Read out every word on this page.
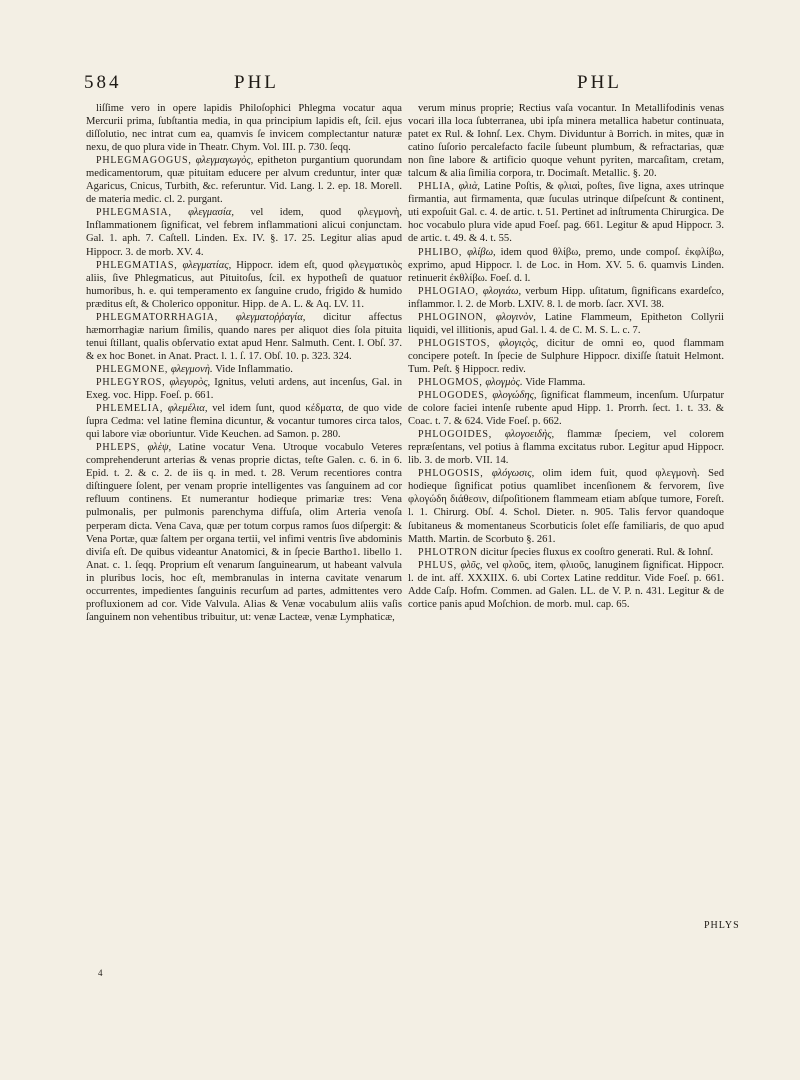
584	PHL	PHL

liſſime vero in opere lapidis Philoſophici Phlegma vocatur aqua Mercurii prima, ſubſtantia media, in qua principium lapidis eſt, ſcil. ejus diſſolutio, nec intrat cum ea, quamvis ſe invicem complectantur naturæ nexu, de quo plura vide in Theatr. Chym. Vol. III. p. 730. ſeqq.

PHLEGMAGOGUS, φλεγμαγωγὸς, epitheton purgantium quorundam medicamentorum, quæ pituitam educere per alvum creduntur, inter quæ Agaricus, Cnicus, Turbith, &c. referuntur. Vid. Lang. l. 2. ep. 18. Morell. de materia medic. cl. 2. purgant.

PHLEGMASIA, φλεγμασία, vel idem, quod φλεγμονὴ, Inflammationem ſignificat, vel febrem inflammationi alicui conjunctam. Gal. 1. aph. 7. Caſtell. Linden. Ex. IV. §. 17. 25. Legitur alias apud Hippocr. 3. de morb. XV. 4.

PHLEGMATIAS, φλεγματίας, Hippocr. idem eſt, quod φλεγματικὸς aliis, ſive Phlegmaticus, aut Pituitoſus, ſcil. ex hypotheſi de quatuor humoribus, h. e. qui temperamento ex ſanguine crudo, frigido & humido præditus eſt, & Cholerico opponitur. Hipp. de A. L. & Aq. LV. 11.

PHLEGMATORRHAGIA, φλεγματοῤῥαγία, dicitur affectus hæmorrhagiæ narium ſimilis, quando nares per aliquot dies ſola pituita tenui ſtillant, qualis obſervatio extat apud Henr. Salmuth. Cent. I. Obſ. 37. & ex hoc Bonet. in Anat. Pract. l. 1. ſ. 17. Obſ. 10. p. 323. 324.

PHLEGMONE, φλεγμονὴ. Vide Inflammatio.

PHLEGYROS, φλεγυρὸς, Ignitus, veluti ardens, aut incenſus, Gal. in Exeg. voc. Hipp. Foeſ. p. 661.

PHLEMELIA, φλεμέλια, vel idem ſunt, quod κέδματα, de quo vide ſupra Cedma: vel latine flemina dicuntur, & vocantur tumores circa talos, qui labore viæ oboriuntur. Vide Keuchen. ad Samon. p. 280.

PHLEPS, φλὲψ, Latine vocatur Vena. Utroque vocabulo Veteres comprehenderunt arterias & venas proprie dictas, teſte Galen. c. 6. in 6. Epid. t. 2. & c. 2. de iis q. in med. t. 28. Verum recentiores contra diſtinguere ſolent, per venam proprie intelligentes vas ſanguinem ad cor refluum continens. Et numerantur hodieque primariæ tres: Vena pulmonalis, per pulmonis parenchyma diffuſa, olim Arteria venoſa perperam dicta. Vena Cava, quæ per totum corpus ramos ſuos diſpergit: & Vena Portæ, quæ ſaltem per organa tertii, vel infimi ventris ſive abdominis diviſa eſt. De quibus videantur Anatomici, & in ſpecie Bartho1. libello 1. Anat. c. 1. ſeqq. Proprium eſt venarum ſanguinearum, ut habeant valvula in pluribus locis, hoc eſt, membranulas in interna cavitate venarum occurrentes, impedientes ſanguinis recurſum ad partes, admittentes vero profluxionem ad cor. Vide Valvula. Alias & Venæ vocabulum aliis vaſis ſanguinem non vehentibus tribuitur, ut: venæ Lacteæ, venæ Lymphaticæ,

verum minus proprie; Rectius vaſa vocantur. In Metallifodinis venas vocari illa loca ſubterranea, ubi ipſa minera metallica habetur continuata, patet ex Rul. & Iohnſ. Lex. Chym. Dividuntur à Borrich. in mites, quæ in catino ſuſorio percalefacto facile ſubeunt plumbum, & refractarias, quæ non ſine labore & artificio quoque vehunt pyriten, marcaſitam, cretam, talcum & alia ſimilia corpora, tr. Docimaſt. Metallic. §. 20.

PHLIA, φλιὰ, Latine Poſtis, & φλιαὶ, poſtes, ſive ligna, axes utrinque firmantia, aut firmamenta, quæ ſuculas utrinque diſpeſcunt & continent, uti expoſuit Gal. c. 4. de artic. t. 51. Pertinet ad inſtrumenta Chirurgica. De hoc vocabulo plura vide apud Foeſ. pag. 661. Legitur & apud Hippocr. 3. de artic. t. 49. & 4. t. 55.

PHLIBO, φλίβω, idem quod θλίβω, premo, unde compoſ. ἐκφλίβω, exprimo, apud Hippocr. l. de Loc. in Hom. XV. 5. 6. quamvis Linden. retinuerit ἐκθλίβω. Foeſ. d. l.

PHLOGIAO, φλογιάω, verbum Hipp. uſitatum, ſignificans exardeſco, inflammor. l. 2. de Morb. LXIV. 8. l. de morb. ſacr. XVI. 38.

PHLOGINON, φλογινὸν, Latine Flammeum, Epitheton Collyrii liquidi, vel illitionis, apud Gal. l. 4. de C. M. S. L. c. 7.

PHLOGISTOS, φλογιςὸς, dicitur de omni eo, quod flammam concipere poteſt. In ſpecie de Sulphure Hippocr. dixiſſe ſtatuit Helmont. Tum. Peſt. § Hippocr. rediv.

PHLOGMOS, φλογμὸς. Vide Flamma.

PHLOGODES, φλογώδης, ſignificat flammeum, incenſum. Uſurpatur de colore faciei intenſe rubente apud Hipp. 1. Prorrh. ſect. 1. t. 33. & Coac. t. 7. & 624. Vide Foeſ. p. 662.

PHLOGOIDES, φλογοειδὴς, flammæ ſpeciem, vel colorem repræſentans, vel potius à flamma excitatus rubor. Legitur apud Hippocr. lib. 3. de morb. VII. 14.

PHLOGOSIS, φλόγωσις, olim idem fuit, quod φλεγμονὴ. Sed hodieque ſignificat potius quamlibet incenſionem & fervorem, ſive φλογώδη διάθεσιν, diſpoſitionem flammeam etiam abſque tumore, Foreſt. l. 1. Chirurg. Obſ. 4. Schol. Dieter. n. 905. Talis fervor quandoque ſubitaneus & momentaneus Scorbuticis ſolet eſſe familiaris, de quo apud Matth. Martin. de Scorbuto §. 261.

PHLOTRON dicitur ſpecies fluxus ex cooſtro generati. Rul. & Iohnſ.

PHLUS, φλῦς, vel φλοῦς, item, φλιοῦς, lanuginem ſignificat. Hippocr. l. de int. aff. XXXIIX. 6. ubi Cortex Latine redditur. Vide Foeſ. p. 661. Adde Caſp. Hofm. Commen. ad Galen. LL. de V. P. n. 431. Legitur & de cortice panis apud Moſchion. de morb. mul. cap. 65.

PHLYS
4
